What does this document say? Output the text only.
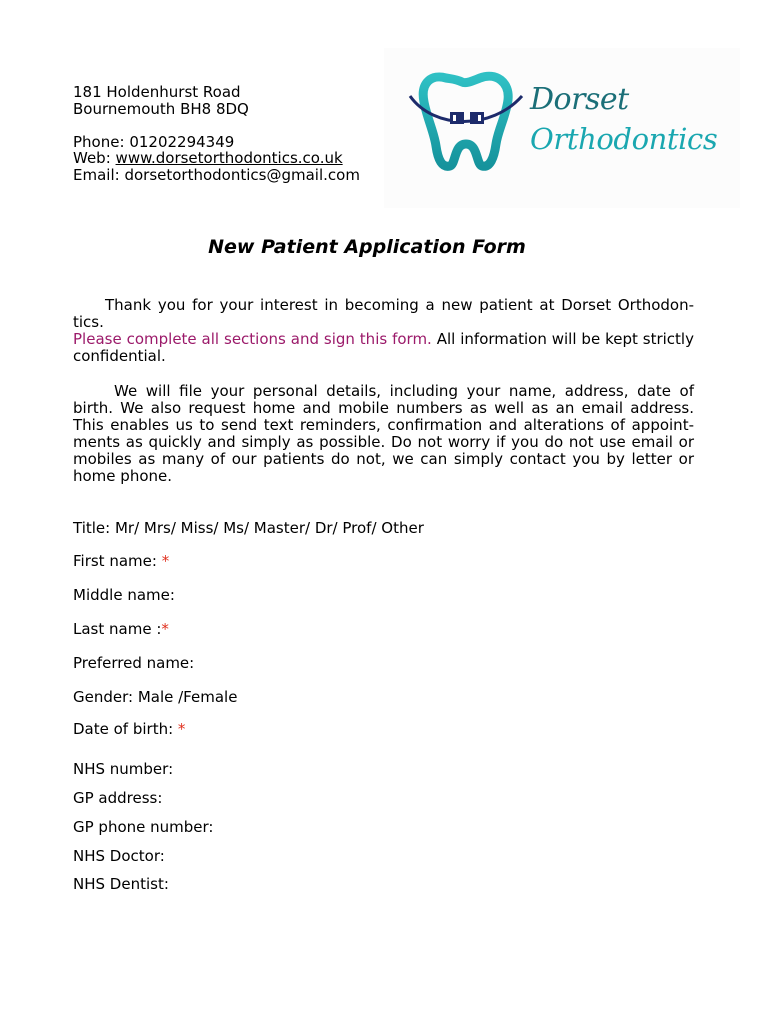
181 Holdenhurst Road
Bournemouth BH8 8DQ
Phone: 01202294349
Web: www.dorsetorthodontics.co.uk
Email: dorsetorthodontics@gmail.com
Dorset
Orthodontics
New Patient Application Form
Thank you for your interest in becoming a new patient at Dorset Orthodon-tics.
Please complete all sections and sign this form. All information will be kept strictly confidential.
We will file your personal details, including your name, address, date of birth. We also request home and mobile numbers as well as an email address. This enables us to send text reminders, confirmation and alterations of appoint-ments as quickly and simply as possible. Do not worry if you do not use email or mobiles as many of our patients do not, we can simply contact you by letter or home phone.
Title: Mr/ Mrs/ Miss/ Ms/ Master/ Dr/ Prof/ Other
First name: *
Middle name:
Last name :*
Preferred name:
Gender: Male /Female
Date of birth: *
NHS number:
GP address:
GP phone number:
NHS Doctor:
NHS Dentist:
